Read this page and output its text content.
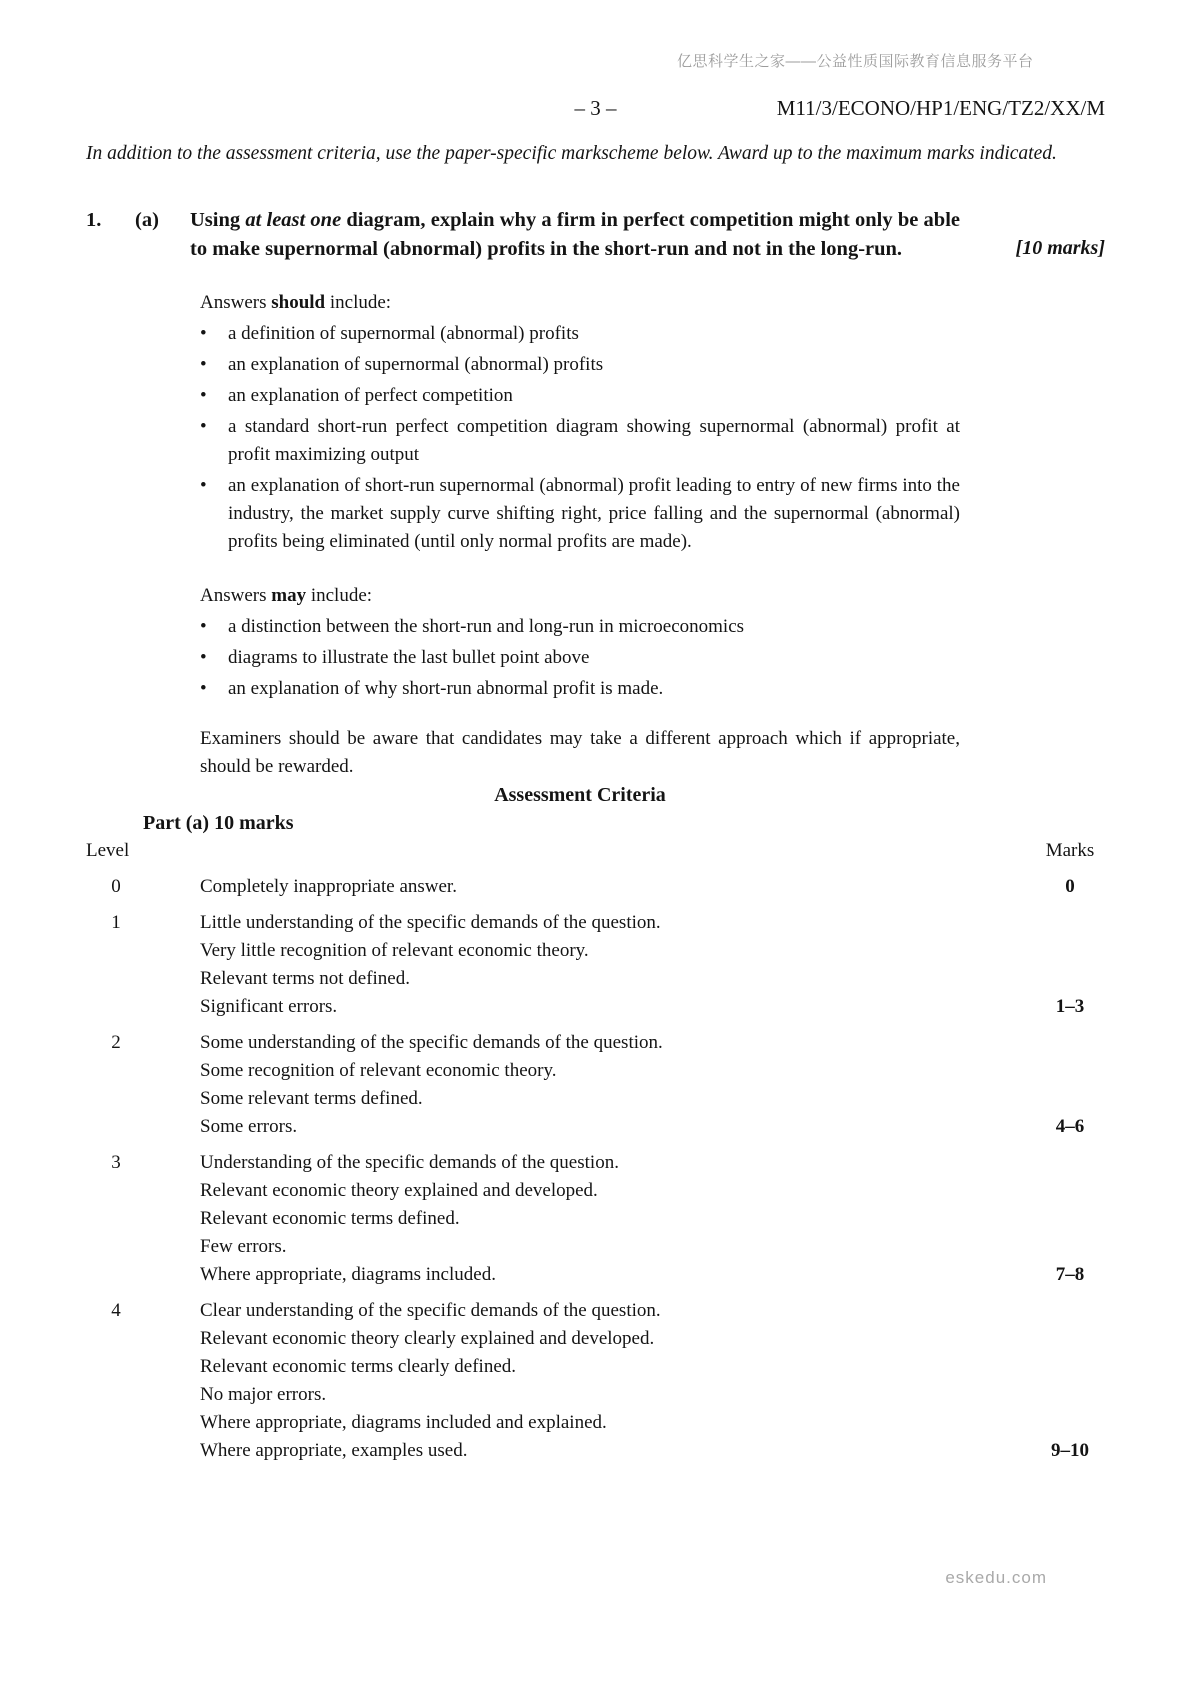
亿思科学生之家——公益性质国际教育信息服务平台
– 3 –	M11/3/ECONO/HP1/ENG/TZ2/XX/M

In addition to the assessment criteria, use the paper-specific markscheme below. Award up to the maximum marks indicated.

1.	(a)	Using at least one diagram, explain why a firm in perfect competition might only be able to make supernormal (abnormal) profits in the short-run and not in the long-run.	[10 marks]
Answers should include:
•	a definition of supernormal (abnormal) profits
•	an explanation of supernormal (abnormal) profits
•	an explanation of perfect competition
•	a standard short-run perfect competition diagram showing supernormal (abnormal) profit at profit maximizing output
•	an explanation of short-run supernormal (abnormal) profit leading to entry of new firms into the industry, the market supply curve shifting right, price falling and the supernormal (abnormal) profits being eliminated (until only normal profits are made).
Answers may include:
•	a distinction between the short-run and long-run in microeconomics
•	diagrams to illustrate the last bullet point above
•	an explanation of why short-run abnormal profit is made.

Examiners should be aware that candidates may take a different approach which if appropriate, should be rewarded.

Assessment Criteria
Part (a) 10 marks
Level	Marks
0	Completely inappropriate answer.	0
1	Little understanding of the specific demands of the question.
Very little recognition of relevant economic theory.
Relevant terms not defined.
Significant errors.	1–3
2	Some understanding of the specific demands of the question.
Some recognition of relevant economic theory.
Some relevant terms defined.
Some errors.	4–6
3	Understanding of the specific demands of the question.
Relevant economic theory explained and developed.
Relevant economic terms defined.
Few errors.
Where appropriate, diagrams included.	7–8
4	Clear understanding of the specific demands of the question.
Relevant economic theory clearly explained and developed.
Relevant economic terms clearly defined.
No major errors.
Where appropriate, diagrams included and explained.
Where appropriate, examples used.	9–10
eskedu.com
